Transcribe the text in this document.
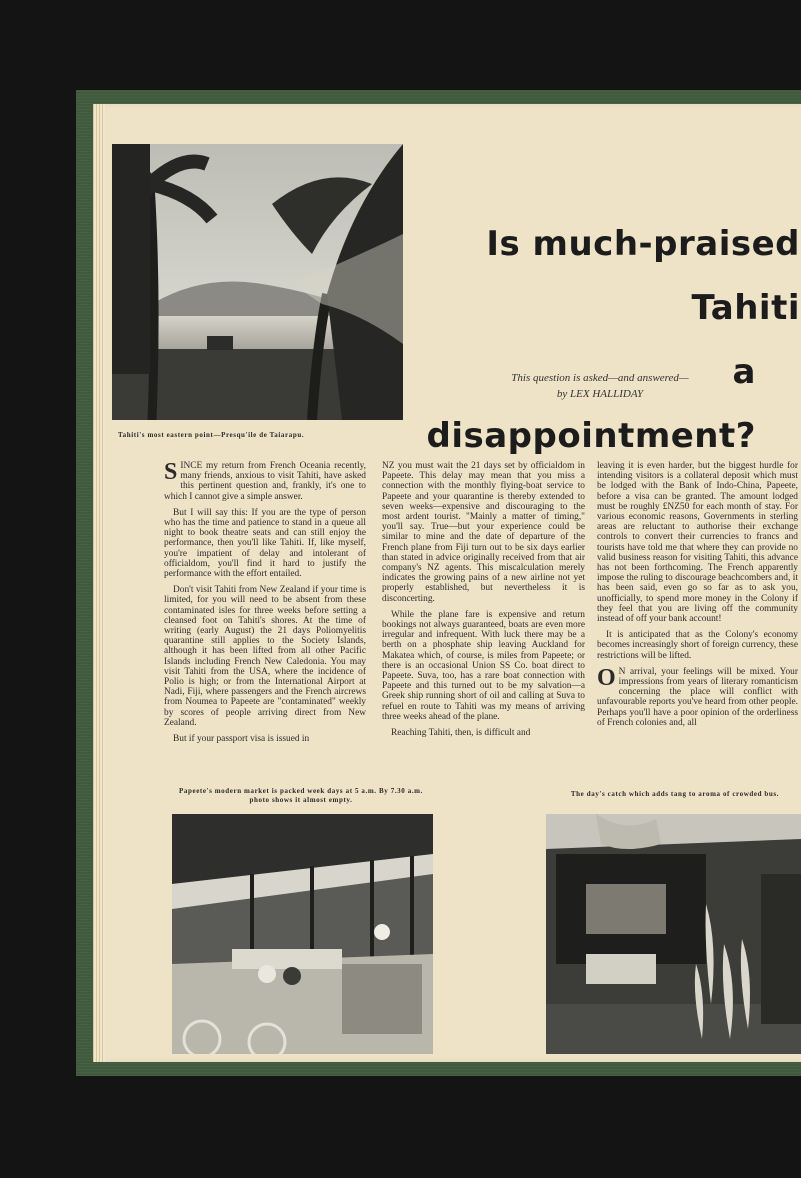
Tahiti's most eastern point—Presqu'ile de Taiarapu.
Is much-praised Tahiti
a disappointment?
This question is asked—and answered—
by LEX HALLIDAY

SINCE my return from French Oceania recently, many friends, anxious to visit Tahiti, have asked this pertinent question and, frankly, it's one to which I cannot give a simple answer.

But I will say this: If you are the type of person who has the time and patience to stand in a queue all night to book theatre seats and can still enjoy the performance, then you'll like Tahiti. If, like myself, you're impatient of delay and intolerant of officialdom, you'll find it hard to justify the performance with the effort entailed.

Don't visit Tahiti from New Zealand if your time is limited, for you will need to be absent from these contaminated isles for three weeks before setting a cleansed foot on Tahiti's shores. At the time of writing (early August) the 21 days Poliomyelitis quarantine still applies to the Society Islands, although it has been lifted from all other Pacific Islands including French New Caledonia. You may visit Tahiti from the USA, where the incidence of Polio is high; or from the International Airport at Nadi, Fiji, where passengers and the French aircrews from Noumea to Papeete are "contaminated" weekly by scores of people arriving direct from New Zealand.

But if your passport visa is issued in

NZ you must wait the 21 days set by officialdom in Papeete. This delay may mean that you miss a connection with the monthly flying-boat service to Papeete and your quarantine is thereby extended to seven weeks—expensive and discouraging to the most ardent tourist. "Mainly a matter of timing," you'll say. True—but your experience could be similar to mine and the date of departure of the French plane from Fiji turn out to be six days earlier than stated in advice originally received from that air company's NZ agents. This miscalculation merely indicates the growing pains of a new airline not yet properly established, but nevertheless it is disconcerting.

While the plane fare is expensive and return bookings not always guaranteed, boats are even more irregular and infrequent. With luck there may be a berth on a phosphate ship leaving Auckland for Makatea which, of course, is miles from Papeete; or there is an occasional Union SS Co. boat direct to Papeete. Suva, too, has a rare boat connection with Papeete and this turned out to be my salvation—a Greek ship running short of oil and calling at Suva to refuel en route to Tahiti was my means of arriving three weeks ahead of the plane.

Reaching Tahiti, then, is difficult and

leaving it is even harder, but the biggest hurdle for intending visitors is a collateral deposit which must be lodged with the Bank of Indo-China, Papeete, before a visa can be granted. The amount lodged must be roughly £NZ50 for each month of stay. For various economic reasons, Governments in sterling areas are reluctant to authorise their exchange controls to convert their currencies to francs and tourists have told me that where they can provide no valid business reason for visiting Tahiti, this advance has not been forthcoming. The French apparently impose the ruling to discourage beachcombers and, it has been said, even go so far as to ask you, unofficially, to spend more money in the Colony if they feel that you are living off the community instead of off your bank account!

It is anticipated that as the Colony's economy becomes increasingly short of foreign currency, these restrictions will be lifted.

O N arrival, your feelings will be mixed. Your impressions from years of literary romanticism concerning the place will conflict with unfavourable reports you've heard from other people. Perhaps you'll have a poor opinion of the orderliness of French colonies and, all

Papeete's modern market is packed week days at 5 a.m. By 7.30 a.m. photo shows it almost empty.
The day's catch which adds tang to aroma of crowded bus.
